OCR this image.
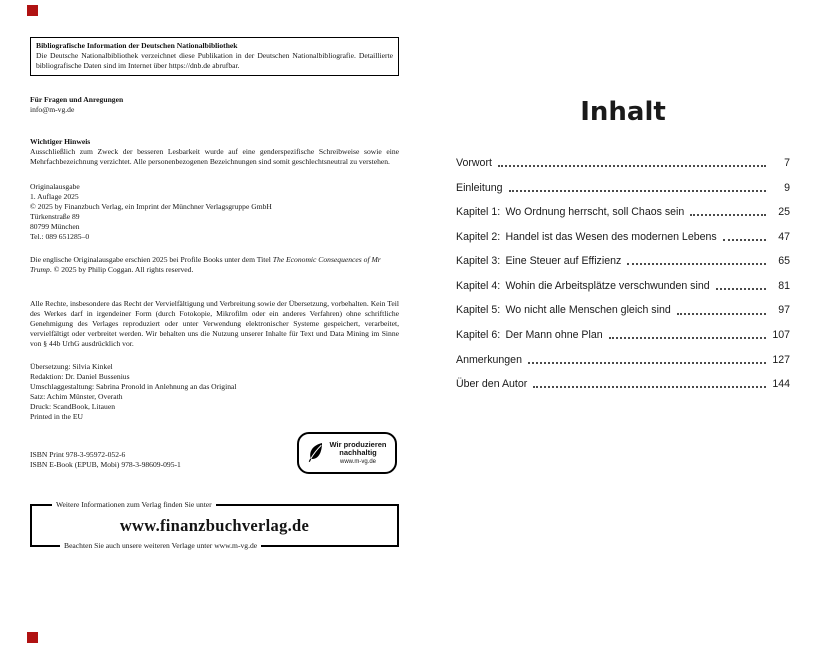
Bibliografische Information der Deutschen Nationalbibliothek
Die Deutsche Nationalbibliothek verzeichnet diese Publikation in der Deutschen Nationalbibliografie. Detaillierte bibliografische Daten sind im Internet über https://dnb.de abrufbar.
Für Fragen und Anregungen
info@m-vg.de
Wichtiger Hinweis
Ausschließlich zum Zweck der besseren Lesbarkeit wurde auf eine genderspezifische Schreibweise sowie eine Mehrfachbezeichnung verzichtet. Alle personenbezogenen Bezeichnungen sind somit geschlechtsneutral zu verstehen.
Originalausgabe
1. Auflage 2025
© 2025 by Finanzbuch Verlag, ein Imprint der Münchner Verlagsgruppe GmbH
Türkenstraße 89
80799 München
Tel.: 089 651285–0

Die englische Originalausgabe erschien 2025 bei Profile Books unter dem Titel The Economic Consequences of Mr Trump. © 2025 by Philip Coggan. All rights reserved.

Alle Rechte, insbesondere das Recht der Vervielfältigung und Verbreitung sowie der Übersetzung, vorbehalten. Kein Teil des Werkes darf in irgendeiner Form (durch Fotokopie, Mikrofilm oder ein anderes Verfahren) ohne schriftliche Genehmigung des Verlages reproduziert oder unter Verwendung elektronischer Systeme gespeichert, verarbeitet, vervielfältigt oder verbreitet werden. Wir behalten uns die Nutzung unserer Inhalte für Text und Data Mining im Sinne von § 44b UrhG ausdrücklich vor.

Übersetzung: Silvia Kinkel
Redaktion: Dr. Daniel Bussenius
Umschlaggestaltung: Sabrina Pronold in Anlehnung an das Original
Satz: Achim Münster, Overath
Druck: ScandBook, Litauen
Printed in the EU
ISBN Print 978-3-95972-052-6
ISBN E-Book (EPUB, Mobi) 978-3-98609-095-1
Wir produzieren
nachhaltig
www.m-vg.de
Weitere Informationen zum Verlag finden Sie unter
www.finanzbuchverlag.de
Beachten Sie auch unsere weiteren Verlage unter www.m-vg.de
Inhalt
Vorwort	7
Einleitung	9
Kapitel 1: Wo Ordnung herrscht, soll Chaos sein	25
Kapitel 2: Handel ist das Wesen des modernen Lebens	47
Kapitel 3: Eine Steuer auf Effizienz	65
Kapitel 4: Wohin die Arbeitsplätze verschwunden sind	81
Kapitel 5: Wo nicht alle Menschen gleich sind	97
Kapitel 6: Der Mann ohne Plan	107
Anmerkungen	127
Über den Autor	144
